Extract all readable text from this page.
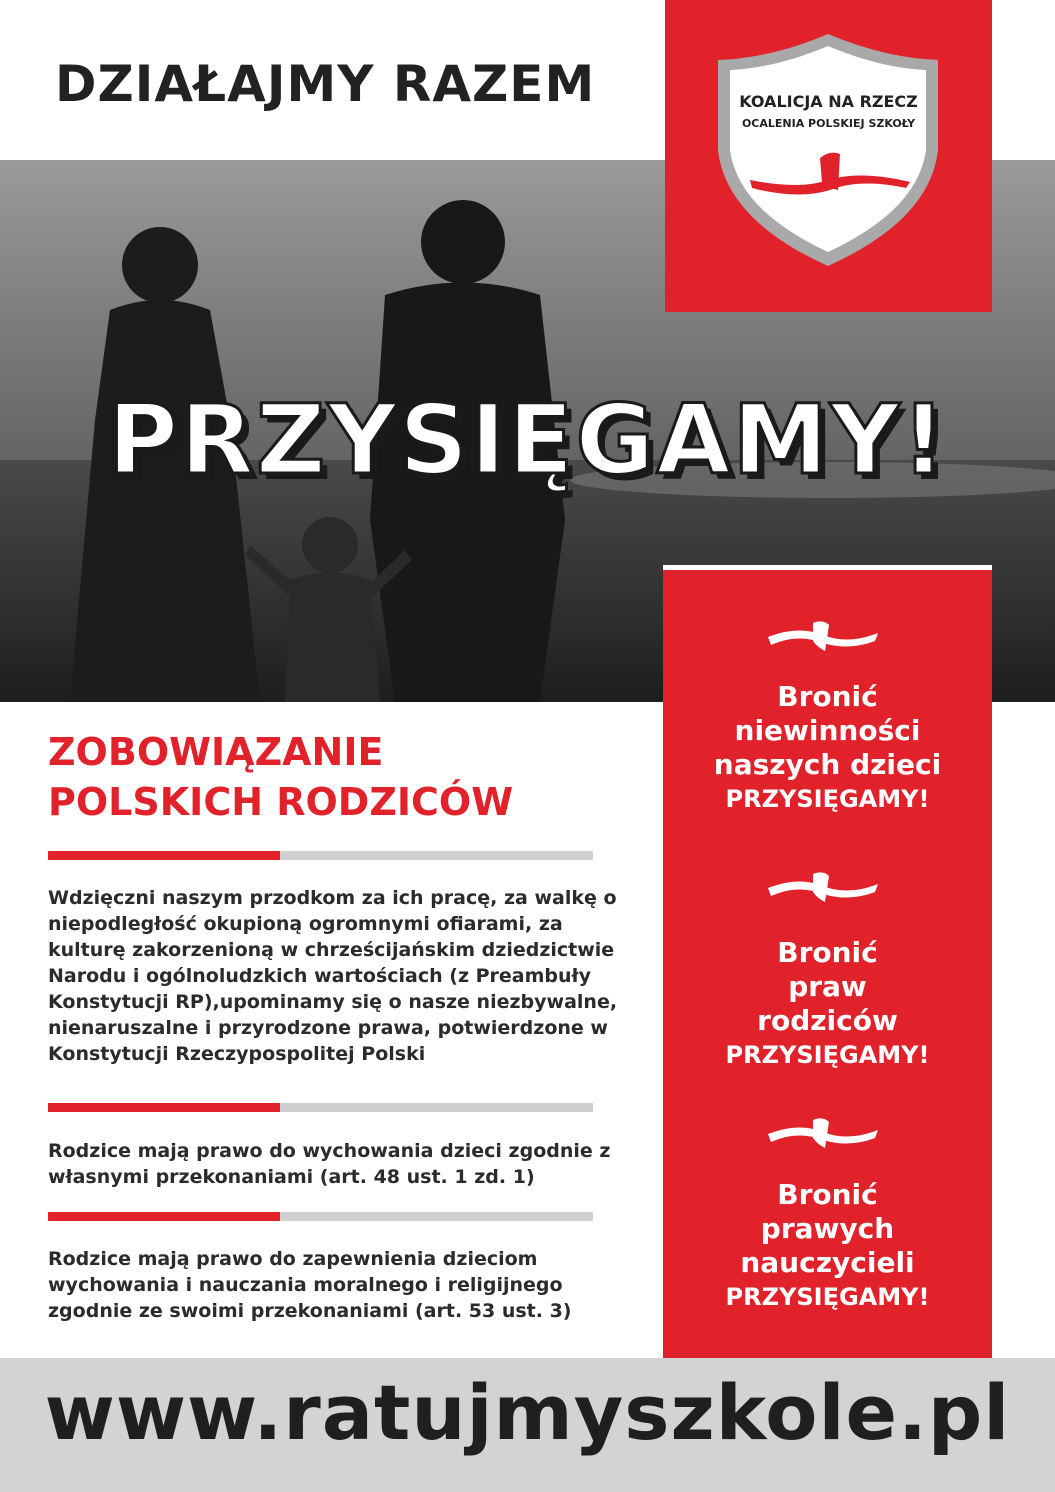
DZIAŁAJMY RAZEM	KOALICJA NA RZECZ
OCALENIA POLSKIEJ SZKOŁY
PRZYSIĘGAMY!
Bronić
niewinności
naszych dzieci
PRZYSIĘGAMY!
Bronić
praw
rodziców
PRZYSIĘGAMY!
Bronić
prawych
nauczycieli
PRZYSIĘGAMY!
ZOBOWIĄZANIE
POLSKICH RODZICÓW
Wdzięczni naszym przodkom za ich pracę, za walkę o niepodległość okupioną ogromnymi ofiarami, za kulturę zakorzenioną w chrześcijańskim dziedzictwie Narodu i ogólnoludzkich wartościach (z Preambuły Konstytucji RP),upominamy się o nasze niezbywalne, nienaruszalne i przyrodzone prawa, potwierdzone w Konstytucji Rzeczypospolitej Polski
Rodzice mają prawo do wychowania dzieci zgodnie z własnymi przekonaniami (art. 48 ust. 1 zd. 1)
Rodzice mają prawo do zapewnienia dzieciom wychowania i nauczania moralnego i religijnego zgodnie ze swoimi przekonaniami (art. 53 ust. 3)
www.ratujmyszkole.pl
